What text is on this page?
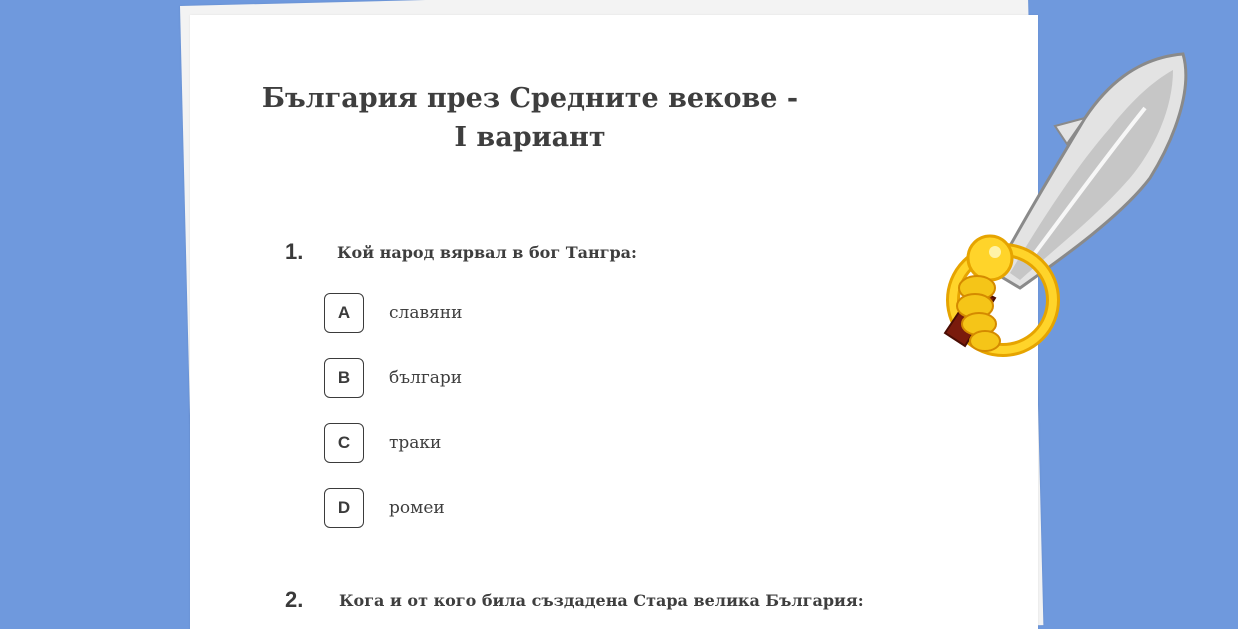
България през Средните векове -
I вариант
1. Кой народ вярвал в бог Тангра:
A	славяни
B	българи
C	траки
D	ромеи
2. Кога и от кого била създадена Стара велика България:
